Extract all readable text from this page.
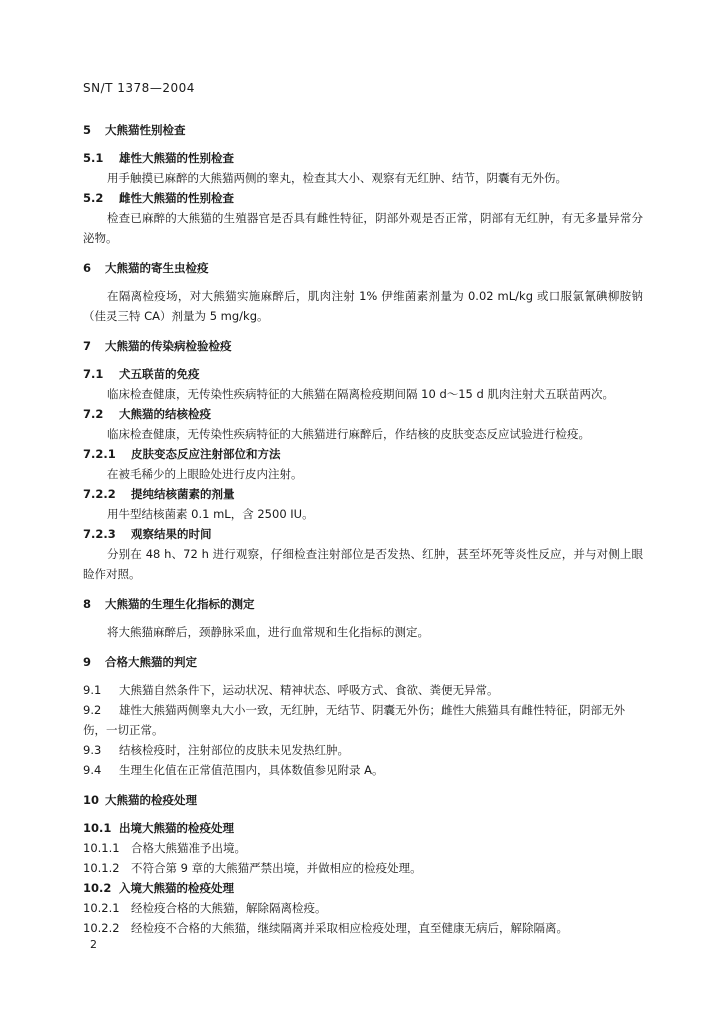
SN/T 1378—2004
5 大熊猫性别检查
5.1 雄性大熊猫的性别检查
用手触摸已麻醉的大熊猫两侧的睾丸，检查其大小、观察有无红肿、结节，阴囊有无外伤。
5.2 雌性大熊猫的性别检查
检查已麻醉的大熊猫的生殖器官是否具有雌性特征，阴部外观是否正常，阴部有无红肿，有无多量异常分泌物。
6 大熊猫的寄生虫检疫
在隔离检疫场，对大熊猫实施麻醉后，肌肉注射 1% 伊维菌素剂量为 0.02 mL/kg 或口服氯氰碘柳胺钠（佳灵三特 CA）剂量为 5 mg/kg。
7 大熊猫的传染病检验检疫
7.1 犬五联苗的免疫
临床检查健康，无传染性疾病特征的大熊猫在隔离检疫期间隔 10 d～15 d 肌肉注射犬五联苗两次。
7.2 大熊猫的结核检疫
临床检查健康，无传染性疾病特征的大熊猫进行麻醉后，作结核的皮肤变态反应试验进行检疫。
7.2.1 皮肤变态反应注射部位和方法
在被毛稀少的上眼睑处进行皮内注射。
7.2.2 提纯结核菌素的剂量
用牛型结核菌素 0.1 mL，含 2500 IU。
7.2.3 观察结果的时间
分别在 48 h、72 h 进行观察，仔细检查注射部位是否发热、红肿，甚至坏死等炎性反应，并与对侧上眼睑作对照。
8 大熊猫的生理生化指标的测定
将大熊猫麻醉后，颈静脉采血，进行血常规和生化指标的测定。
9 合格大熊猫的判定
9.1 大熊猫自然条件下，运动状况、精神状态、呼吸方式、食欲、粪便无异常。
9.2 雄性大熊猫两侧睾丸大小一致，无红肿，无结节、阴囊无外伤；雌性大熊猫具有雌性特征，阴部无外伤，一切正常。
9.3 结核检疫时，注射部位的皮肤未见发热红肿。
9.4 生理生化值在正常值范围内，具体数值参见附录 A。
10 大熊猫的检疫处理
10.1 出境大熊猫的检疫处理
10.1.1 合格大熊猫准予出境。
10.1.2 不符合第 9 章的大熊猫严禁出境，并做相应的检疫处理。
10.2 入境大熊猫的检疫处理
10.2.1 经检疫合格的大熊猫，解除隔离检疫。
10.2.2 经检疫不合格的大熊猫，继续隔离并采取相应检疫处理，直至健康无病后，解除隔离。
2
